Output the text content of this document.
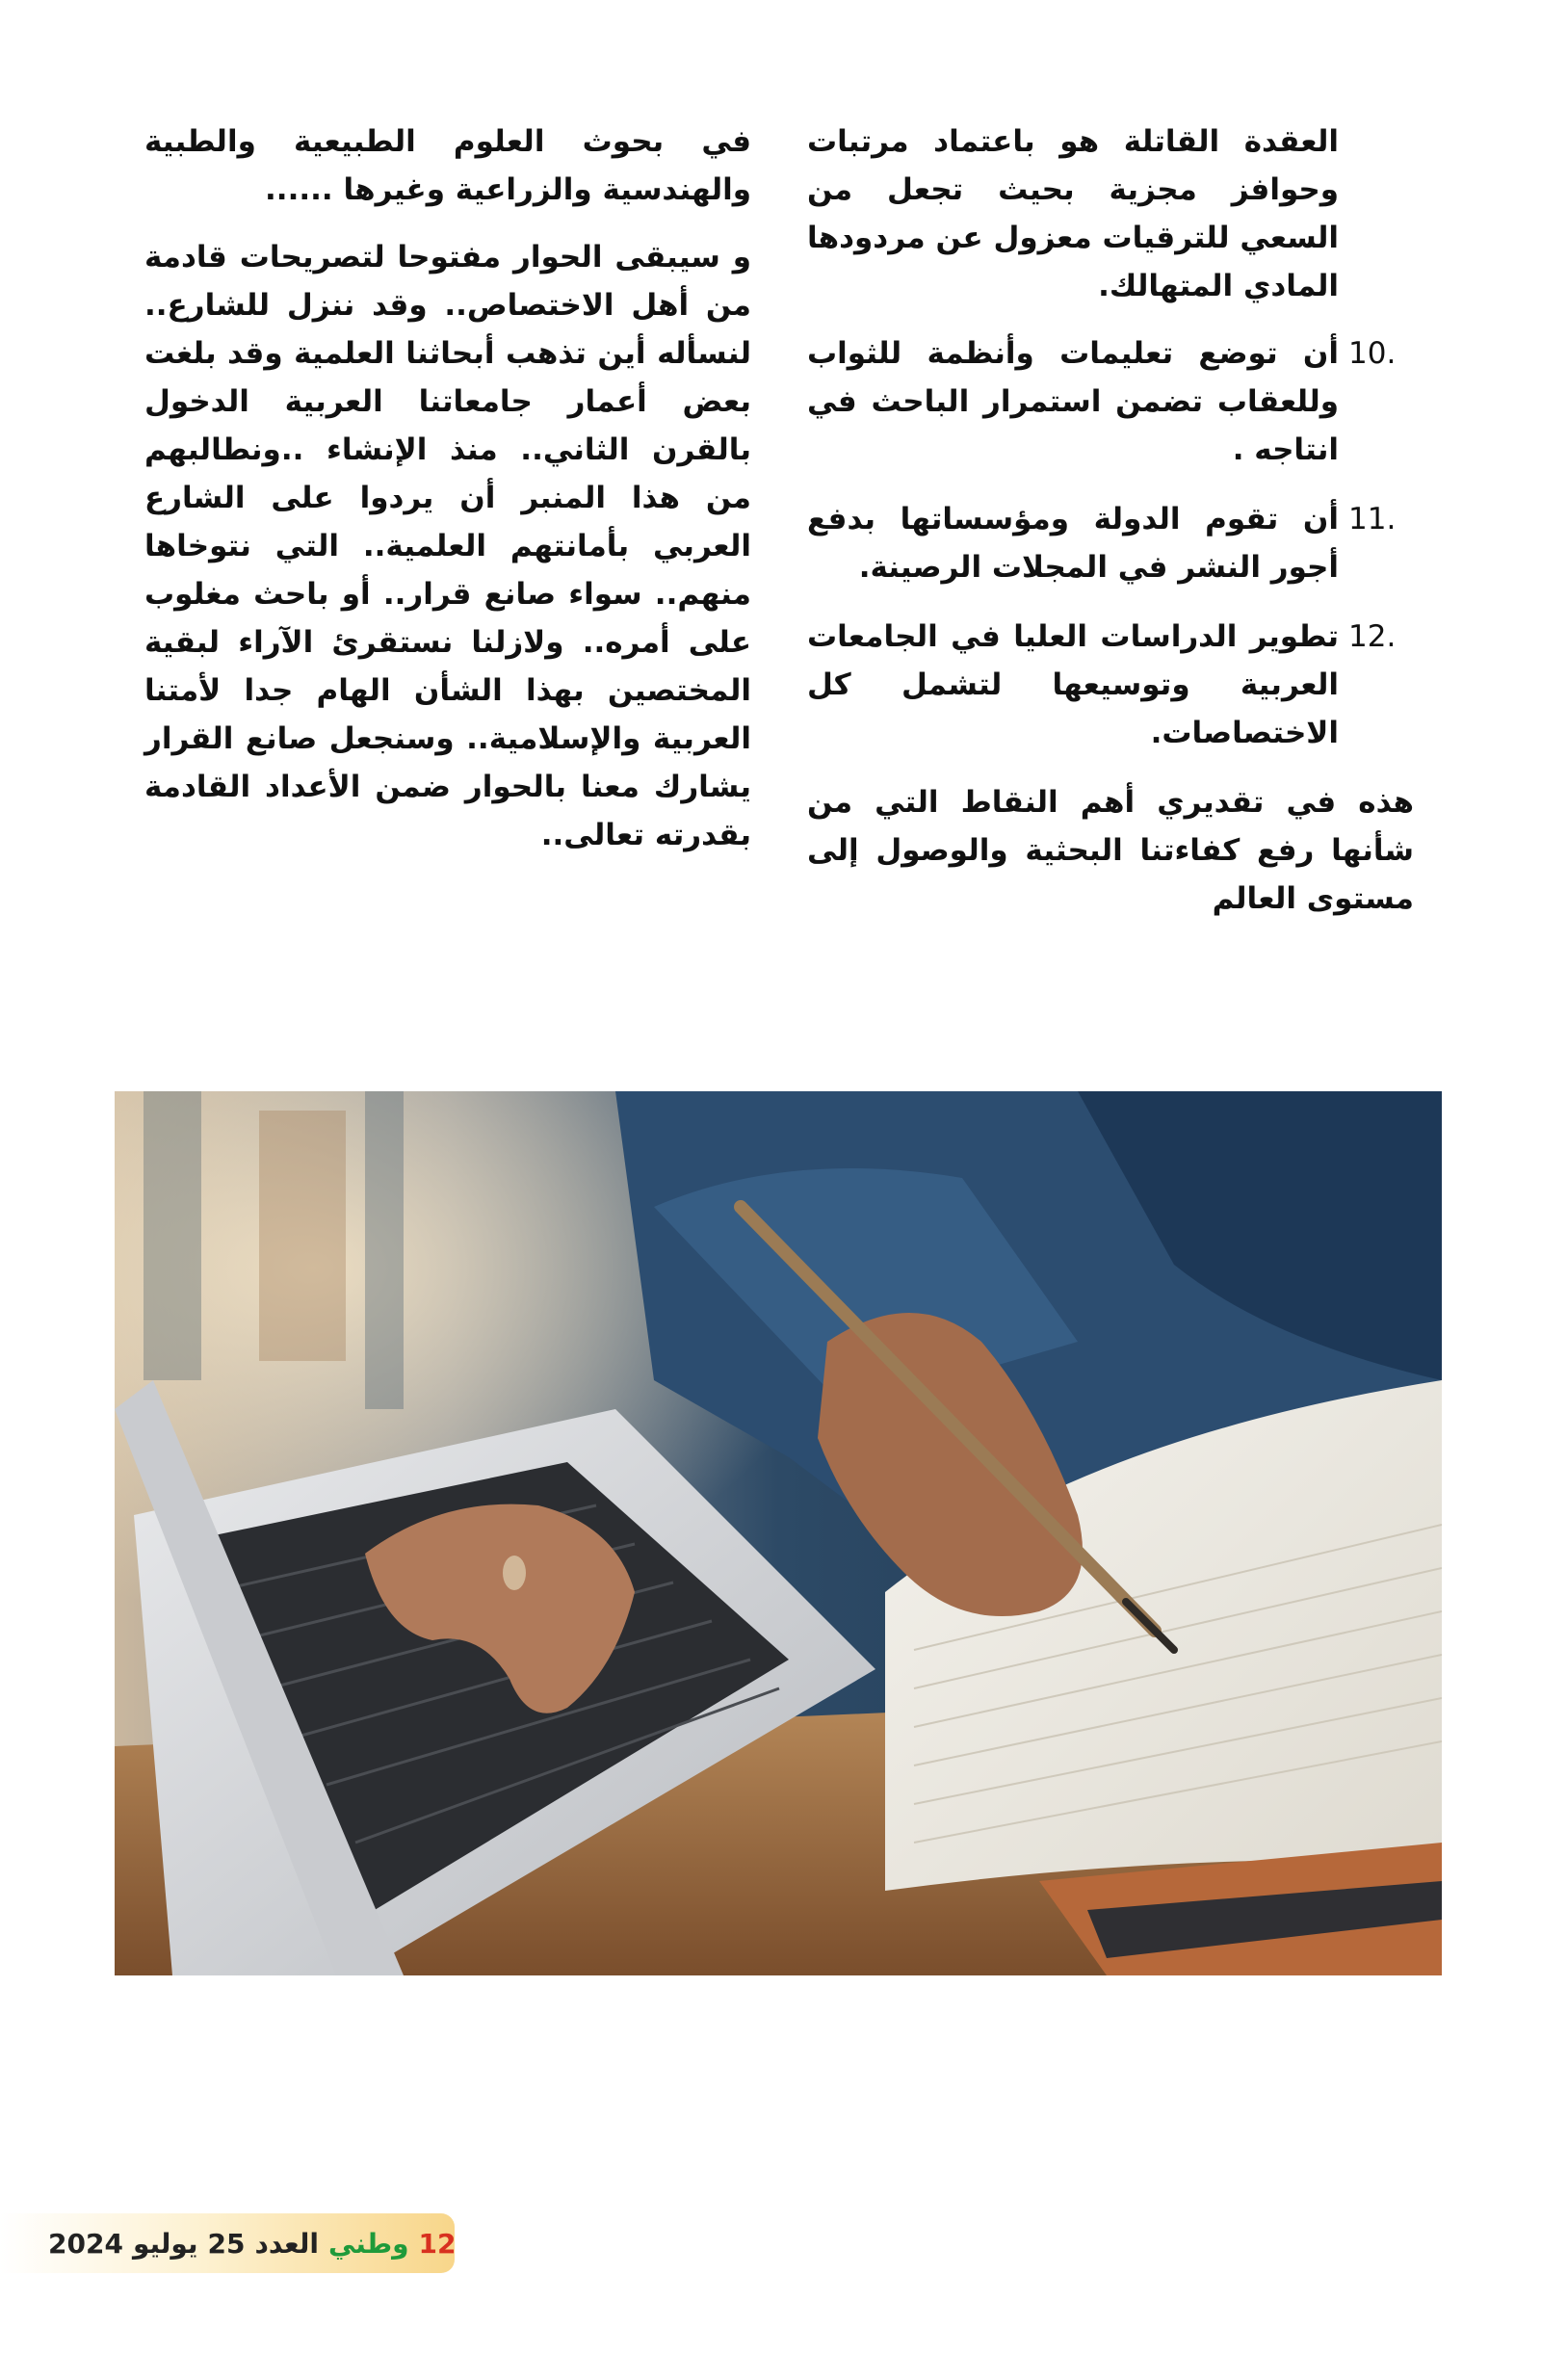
العقدة القاتلة هو باعتماد مرتبات وحوافز مجزية بحيث تجعل من السعي للترقيات معزول عن مردودها المادي المتهالك.

10.
أن توضع تعليمات وأنظمة للثواب وللعقاب تضمن استمرار الباحث في انتاجه .
11.
أن تقوم الدولة ومؤسساتها بدفع أجور النشر في المجلات الرصينة.
12.
تطوير الدراسات العليا في الجامعات العربية وتوسيعها لتشمل كل الاختصاصات.

هذه في تقديري أهم النقاط التي من شأنها رفع كفاءتنا البحثية والوصول إلى مستوى العالم

في بحوث العلوم الطبيعية والطبية والهندسية والزراعية وغيرها ......

و سيبقى الحوار مفتوحا لتصريحات قادمة من أهل الاختصاص.. وقد ننزل للشارع.. لنسأله أين تذهب أبحاثنا العلمية وقد بلغت بعض أعمار جامعاتنا العربية الدخول بالقرن الثاني.. منذ الإنشاء ..ونطالبهم من هذا المنبر أن يردوا على الشارع العربي بأمانتهم العلمية.. التي نتوخاها منهم.. سواء صانع قرار.. أو باحث مغلوب على أمره.. ولازلنا نستقرئ الآراء لبقية المختصين بهذا الشأن الهام جدا لأمتنا العربية والإسلامية.. وسنجعل صانع القرار يشارك معنا بالحوار ضمن الأعداد القادمة بقدرته تعالى..

2024 يوليو 25 العدد وطني 12
